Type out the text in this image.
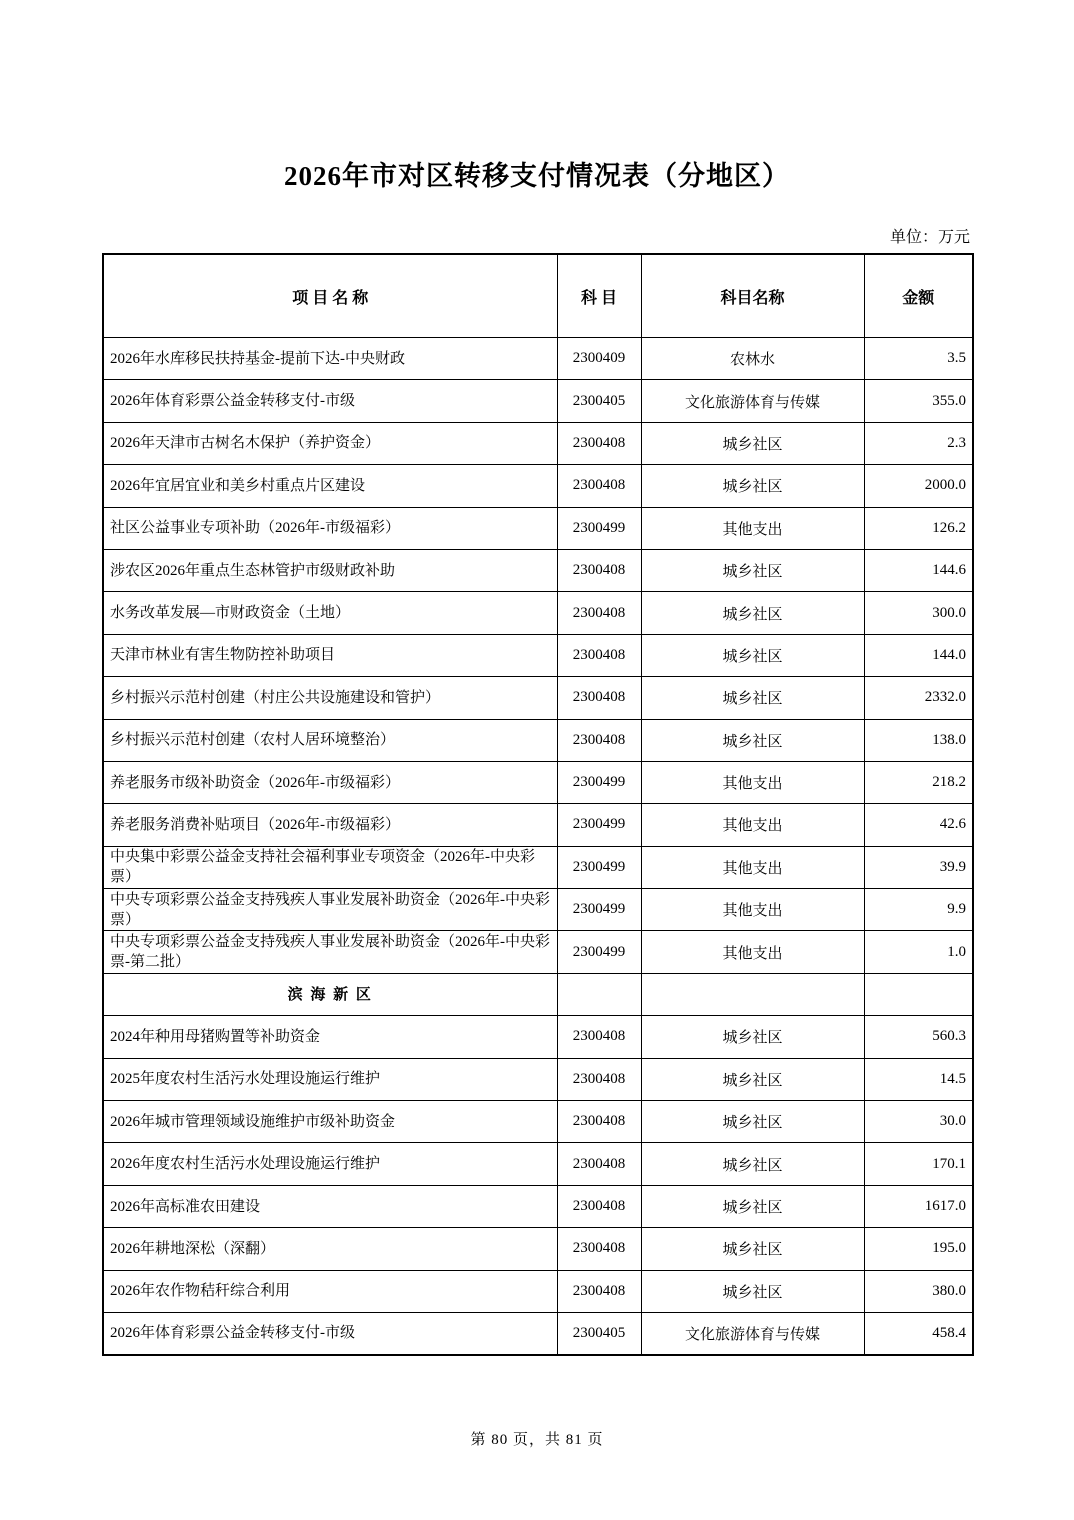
2026年市对区转移支付情况表（分地区）
单位：万元
项 目 名 称	科 目	科目名称	金额
2026年水库移民扶持基金-提前下达-中央财政	2300409	农林水	3.5
2026年体育彩票公益金转移支付-市级	2300405	文化旅游体育与传媒	355.0
2026年天津市古树名木保护（养护资金）	2300408	城乡社区	2.3
2026年宜居宜业和美乡村重点片区建设	2300408	城乡社区	2000.0
社区公益事业专项补助（2026年-市级福彩）	2300499	其他支出	126.2
涉农区2026年重点生态林管护市级财政补助	2300408	城乡社区	144.6
水务改革发展—市财政资金（土地）	2300408	城乡社区	300.0
天津市林业有害生物防控补助项目	2300408	城乡社区	144.0
乡村振兴示范村创建（村庄公共设施建设和管护）	2300408	城乡社区	2332.0
乡村振兴示范村创建（农村人居环境整治）	2300408	城乡社区	138.0
养老服务市级补助资金（2026年-市级福彩）	2300499	其他支出	218.2
养老服务消费补贴项目（2026年-市级福彩）	2300499	其他支出	42.6
中央集中彩票公益金支持社会福利事业专项资金（2026年-中央彩票）	2300499	其他支出	39.9
中央专项彩票公益金支持残疾人事业发展补助资金（2026年-中央彩票）	2300499	其他支出	9.9
中央专项彩票公益金支持残疾人事业发展补助资金（2026年-中央彩票-第二批）	2300499	其他支出	1.0
滨 海 新 区			
2024年种用母猪购置等补助资金	2300408	城乡社区	560.3
2025年度农村生活污水处理设施运行维护	2300408	城乡社区	14.5
2026年城市管理领域设施维护市级补助资金	2300408	城乡社区	30.0
2026年度农村生活污水处理设施运行维护	2300408	城乡社区	170.1
2026年高标准农田建设	2300408	城乡社区	1617.0
2026年耕地深松（深翻）	2300408	城乡社区	195.0
2026年农作物秸秆综合利用	2300408	城乡社区	380.0
2026年体育彩票公益金转移支付-市级	2300405	文化旅游体育与传媒	458.4
第 80 页，共 81 页
